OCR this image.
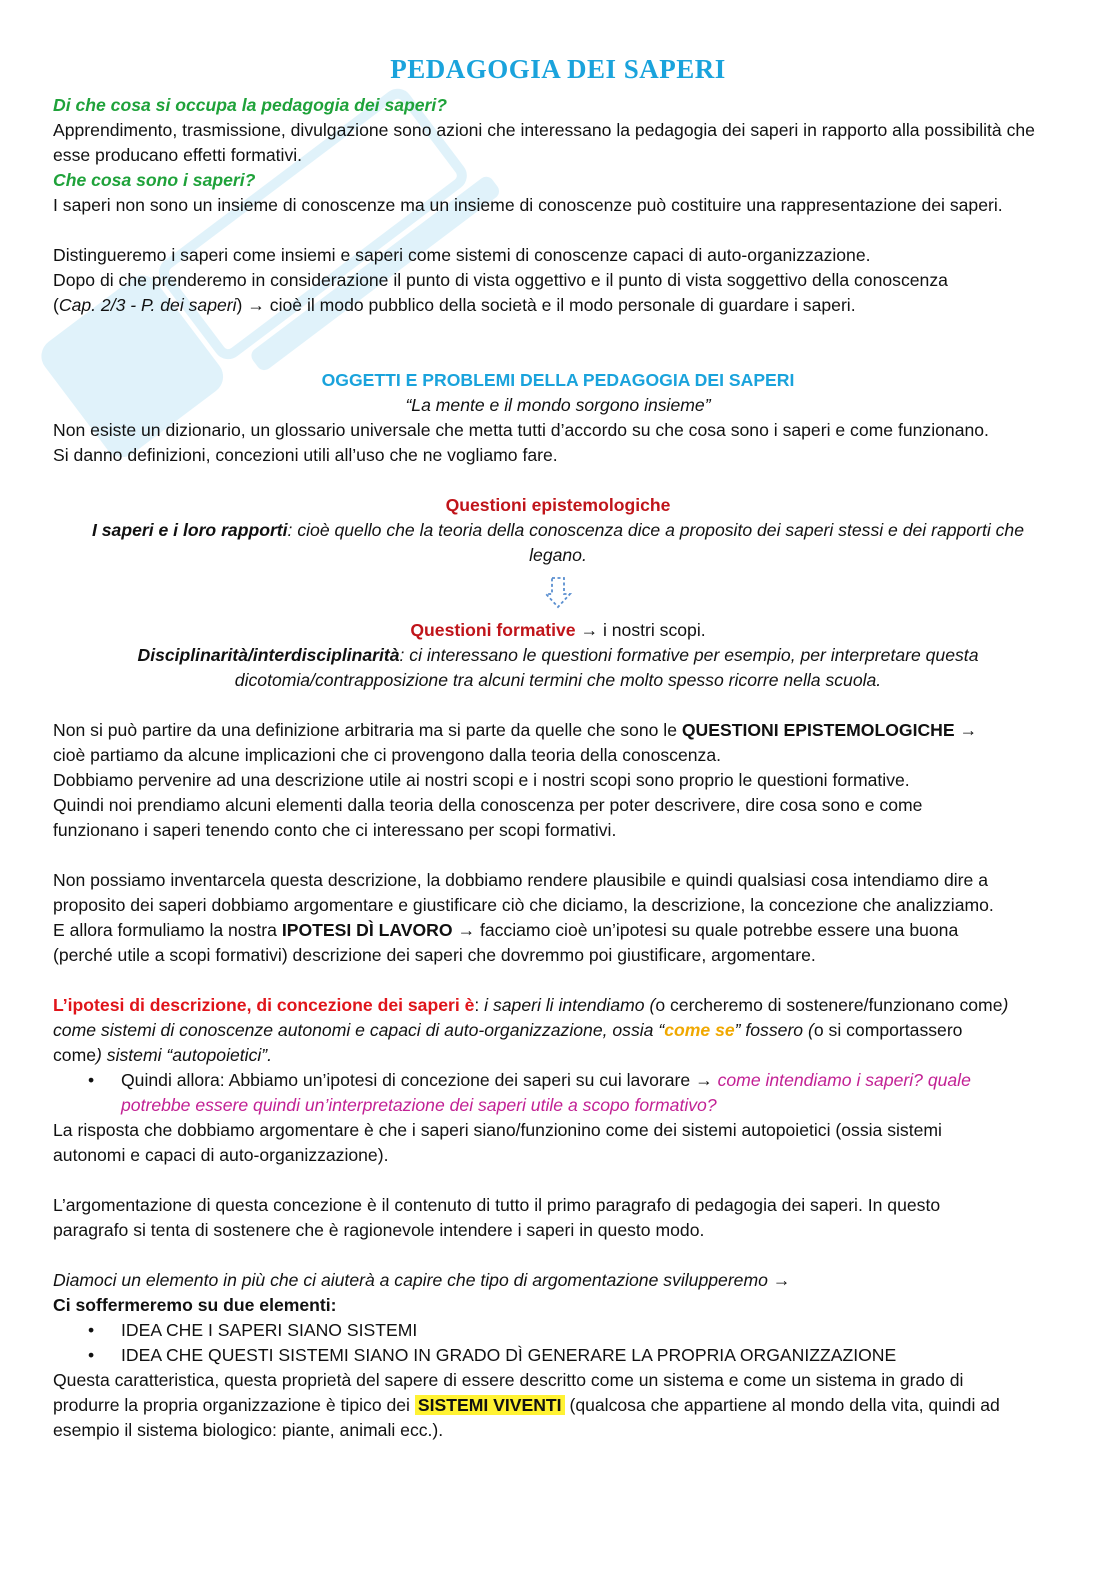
PEDAGOGIA DEI SAPERI

Di che cosa si occupa la pedagogia dei saperi?

Apprendimento, trasmissione, divulgazione sono azioni che interessano la pedagogia dei saperi in rapporto alla possibilità che esse producano effetti formativi.

Che cosa sono i saperi?

I saperi non sono un insieme di conoscenze ma un insieme di conoscenze può costituire una rappresentazione dei saperi.

Distingueremo i saperi come insiemi e saperi come sistemi di conoscenze capaci di auto-organizzazione.

Dopo di che prenderemo in considerazione il punto di vista oggettivo e il punto di vista soggettivo della conoscenza

(Cap. 2/3 - P. dei saperi) → cioè il modo pubblico della società e il modo personale di guardare i saperi.

OGGETTI E PROBLEMI DELLA PEDAGOGIA DEI SAPERI

“La mente e il mondo sorgono insieme”

Non esiste un dizionario, un glossario universale che metta tutti d’accordo su che cosa sono i saperi e come funzionano.

Si danno definizioni, concezioni utili all’uso che ne vogliamo fare.

Questioni epistemologiche

I saperi e i loro rapporti: cioè quello che la teoria della conoscenza dice a proposito dei saperi stessi e dei rapporti che

legano.

Questioni formative → i nostri scopi.

Disciplinarità/interdisciplinarità: ci interessano le questioni formative per esempio, per interpretare questa

dicotomia/contrapposizione tra alcuni termini che molto spesso ricorre nella scuola.

Non si può partire da una definizione arbitraria ma si parte da quelle che sono le QUESTIONI EPISTEMOLOGICHE →

cioè partiamo da alcune implicazioni che ci provengono dalla teoria della conoscenza.

Dobbiamo pervenire ad una descrizione utile ai nostri scopi e i nostri scopi sono proprio le questioni formative.

Quindi noi prendiamo alcuni elementi dalla teoria della conoscenza per poter descrivere, dire cosa sono e come

funzionano i saperi tenendo conto che ci interessano per scopi formativi.

Non possiamo inventarcela questa descrizione, la dobbiamo rendere plausibile e quindi qualsiasi cosa intendiamo dire a

proposito dei saperi dobbiamo argomentare e giustificare ciò che diciamo, la descrizione, la concezione che analizziamo.

E allora formuliamo la nostra IPOTESI DÌ LAVORO → facciamo cioè un’ipotesi su quale potrebbe essere una buona

(perché utile a scopi formativi) descrizione dei saperi che dovremmo poi giustificare, argomentare.

L’ipotesi di descrizione, di concezione dei saperi è: i saperi li intendiamo (o cercheremo di sostenere/funzionano come)

come sistemi di conoscenze autonomi e capaci di auto-organizzazione, ossia “come se” fossero (o si comportassero

come) sistemi “autopoietici”.

• Quindi allora: Abbiamo un’ipotesi di concezione dei saperi su cui lavorare → come intendiamo i saperi? quale
potrebbe essere quindi un’interpretazione dei saperi utile a scopo formativo?

La risposta che dobbiamo argomentare è che i saperi siano/funzionino come dei sistemi autopoietici (ossia sistemi

autonomi e capaci di auto-organizzazione).

L’argomentazione di questa concezione è il contenuto di tutto il primo paragrafo di pedagogia dei saperi. In questo

paragrafo si tenta di sostenere che è ragionevole intendere i saperi in questo modo.

Diamoci un elemento in più che ci aiuterà a capire che tipo di argomentazione svilupperemo →

Ci soffermeremo su due elementi:

• IDEA CHE I SAPERI SIANO SISTEMI
• IDEA CHE QUESTI SISTEMI SIANO IN GRADO DÌ GENERARE LA PROPRIA ORGANIZZAZIONE

Questa caratteristica, questa proprietà del sapere di essere descritto come un sistema e come un sistema in grado di

produrre la propria organizzazione è tipico dei SISTEMI VIVENTI (qualcosa che appartiene al mondo della vita, quindi ad

esempio il sistema biologico: piante, animali ecc.).
